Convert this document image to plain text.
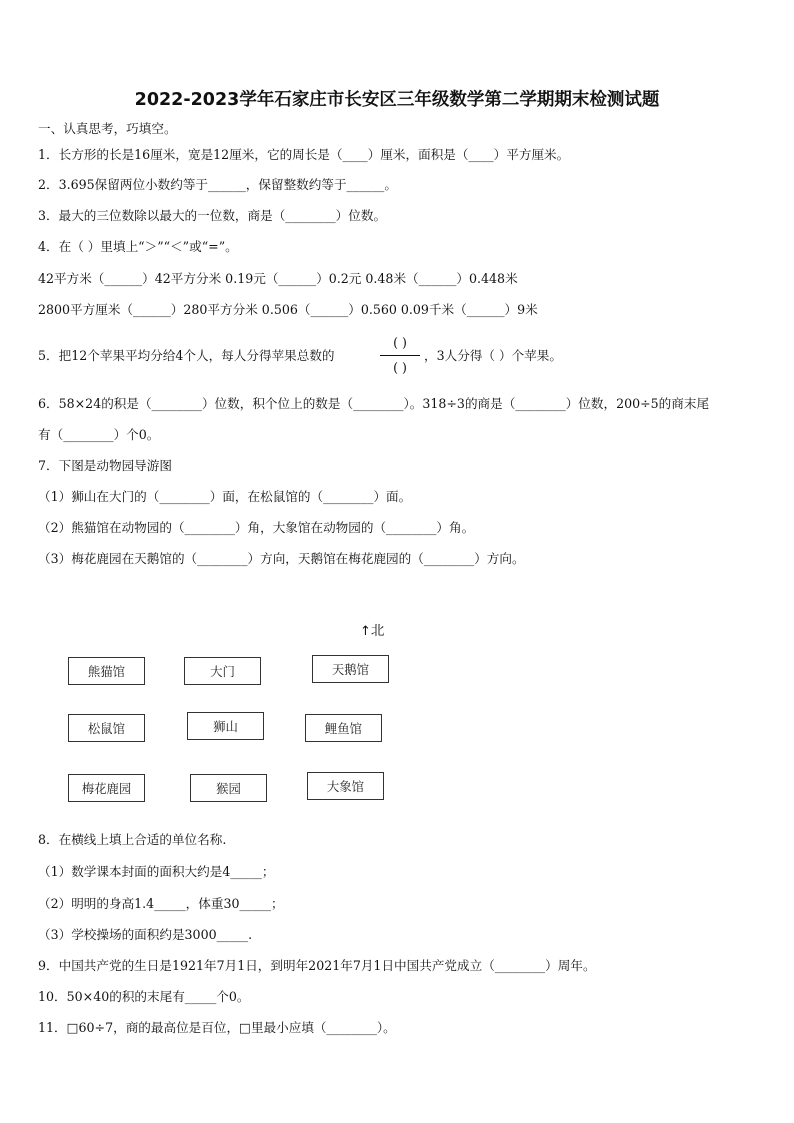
2022-2023学年石家庄市长安区三年级数学第二学期期末检测试题
一、认真思考，巧填空。
1．长方形的长是16厘米，宽是12厘米，它的周长是（____）厘米，面积是（____）平方厘米。
2．3.695保留两位小数约等于______，保留整数约等于______。
3．最大的三位数除以最大的一位数，商是（________）位数。
4．在（ ）里填上“＞”“＜”或“=”。
42平方米（______）42平方分米 0.19元（______）0.2元 0.48米（______）0.448米
2800平方厘米（______）280平方分米 0.506（______）0.560 0.09千米（______）9米
5．把12个苹果平均分给4个人，每人分得苹果总数的
( )
( )
，3人分得（ ）个苹果。
6．58×24的积是（________）位数，积个位上的数是（________）。318÷3的商是（________）位数，200÷5的商末尾
有（________）个0。
7．下图是动物园导游图
（1）狮山在大门的（________）面，在松鼠馆的（________）面。
（2）熊猫馆在动物园的（________）角，大象馆在动物园的（________）角。
（3）梅花鹿园在天鹅馆的（________）方向，天鹅馆在梅花鹿园的（________）方向。
↑北
熊猫馆	大门	天鹅馆
松鼠馆	狮山	鲤鱼馆
梅花鹿园	猴园	大象馆
8．在横线上填上合适的单位名称.
（1）数学课本封面的面积大约是4_____；
（2）明明的身高1.4_____，体重30_____；
（3）学校操场的面积约是3000_____.
9．中国共产党的生日是1921年7月1日，到明年2021年7月1日中国共产党成立（________）周年。
10．50×40的积的末尾有_____个0。
11．□60÷7，商的最高位是百位，□里最小应填（________）。
